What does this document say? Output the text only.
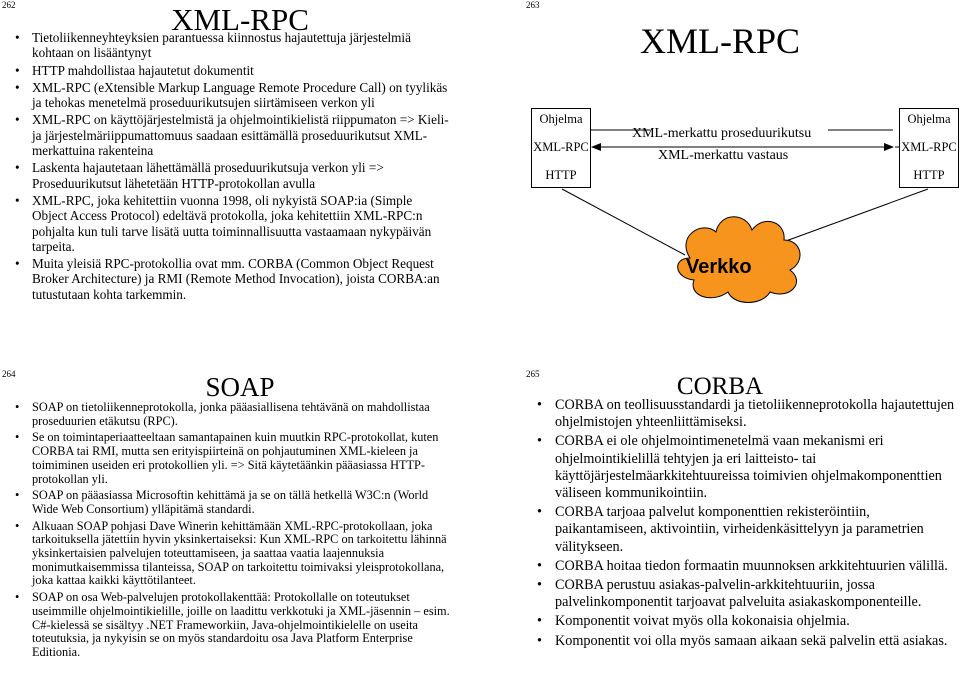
262	XML-RPC
• Tietoliikenneyhteyksien parantuessa kiinnostus hajautettuja järjestelmiä kohtaan on lisääntynyt
• HTTP mahdollistaa hajautetut dokumentit
• XML-RPC (eXtensible Markup Language Remote Procedure Call) on tyylikäs ja tehokas menetelmä proseduurikutsujen siirtämiseen verkon yli
• XML-RPC on käyttöjärjestelmistä ja ohjelmointikielistä riippumaton => Kieli- ja järjestelmäriippumattomuus saadaan esittämällä proseduurikutsut XML-merkattuina rakenteina
• Laskenta hajautetaan lähettämällä proseduurikutsuja verkon yli => Proseduurikutsut lähetetään HTTP-protokollan avulla
• XML-RPC, joka kehitettiin vuonna 1998, oli nykyistä SOAP:ia (Simple Object Access Protocol) edeltävä protokolla, joka kehitettiin XML-RPC:n pohjalta kun tuli tarve lisätä uutta toiminnallisuutta vastaamaan nykypäivän tarpeita.
• Muita yleisiä RPC-protokollia ovat mm. CORBA (Common Object Request Broker Architecture) ja RMI (Remote Method Invocation), joista CORBA:an tutustutaan kohta tarkemmin.
263
XML-RPC
Ohjelma
XML-RPC
HTTP
Ohjelma
XML-RPC
HTTP
XML-merkattu proseduurikutsu
XML-merkattu vastaus
Verkko
264	SOAP
• SOAP on tietoliikenneprotokolla, jonka pääasiallisena tehtävänä on mahdollistaa proseduurien etäkutsu (RPC).
• Se on toimintaperiaatteeltaan samantapainen kuin muutkin RPC-protokollat, kuten CORBA tai RMI, mutta sen erityispiirteinä on pohjautuminen XML-kieleen ja toimiminen useiden eri protokollien yli. => Sitä käytetäänkin pääasiassa HTTP-protokollan yli.
• SOAP on pääasiassa Microsoftin kehittämä ja se on tällä hetkellä W3C:n (World Wide Web Consortium) ylläpitämä standardi.
• Alkuaan SOAP pohjasi Dave Winerin kehittämään XML-RPC-protokollaan, joka tarkoituksella jätettiin hyvin yksinkertaiseksi: Kun XML-RPC on tarkoitettu lähinnä yksinkertaisien palvelujen toteuttamiseen, ja saattaa vaatia laajennuksia monimutkaisemmissa tilanteissa, SOAP on tarkoitettu toimivaksi yleisprotokollana, joka kattaa kaikki käyttötilanteet.
• SOAP on osa Web-palvelujen protokollakenttää: Protokollalle on toteutukset useimmille ohjelmointikielille, joille on laadittu verkkotuki ja XML-jäsennin – esim. C#-kielessä se sisältyy .NET Frameworkiin, Java-ohjelmointikielelle on useita toteutuksia, ja nykyisin se on myös standardoitu osa Java Platform Enterprise Editionia.
265	CORBA
• CORBA on teollisuusstandardi ja tietoliikenneprotokolla hajautettujen ohjelmistojen yhteenliittämiseksi.
• CORBA ei ole ohjelmointimenetelmä vaan mekanismi eri ohjelmointikielillä tehtyjen ja eri laitteisto- tai käyttöjärjestelmäarkkitehtuureissa toimivien ohjelmakomponenttien väliseen kommunikointiin.
• CORBA tarjoaa palvelut komponenttien rekisteröintiin, paikantamiseen, aktivointiin, virheidenkäsittelyyn ja parametrien välitykseen.
• CORBA hoitaa tiedon formaatin muunnoksen arkkitehtuurien välillä.
• CORBA perustuu asiakas-palvelin-arkkitehtuuriin, jossa palvelinkomponentit tarjoavat palveluita asiakaskomponenteille.
• Komponentit voivat myös olla kokonaisia ohjelmia.
• Komponentit voi olla myös samaan aikaan sekä palvelin että asiakas.
